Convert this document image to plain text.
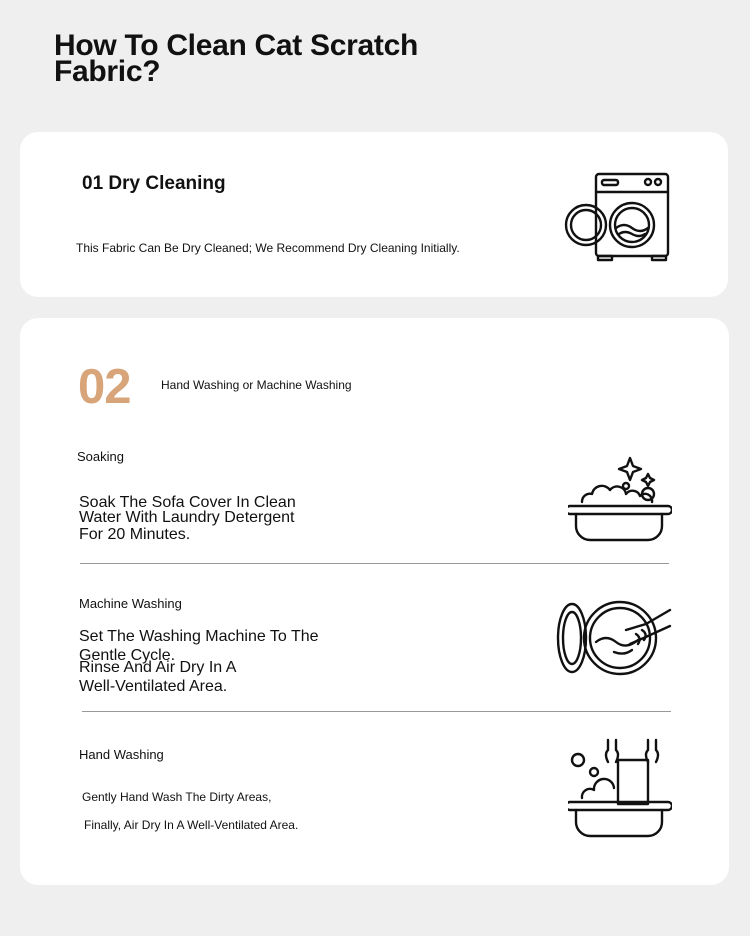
How To Clean Cat Scratch Fabric?
01 Dry Cleaning

This Fabric Can Be Dry Cleaned; We Recommend Dry Cleaning Initially.

02	Hand Washing or Machine Washing

Soaking

Soak The Sofa Cover In Clean
Water With Laundry Detergent
For 20 Minutes.

Machine Washing

Set The Washing Machine To The
Gentle Cycle.
Rinse And Air Dry In A
Well-Ventilated Area.

Hand Washing

Gently Hand Wash The Dirty Areas,

Finally, Air Dry In A Well-Ventilated Area.
